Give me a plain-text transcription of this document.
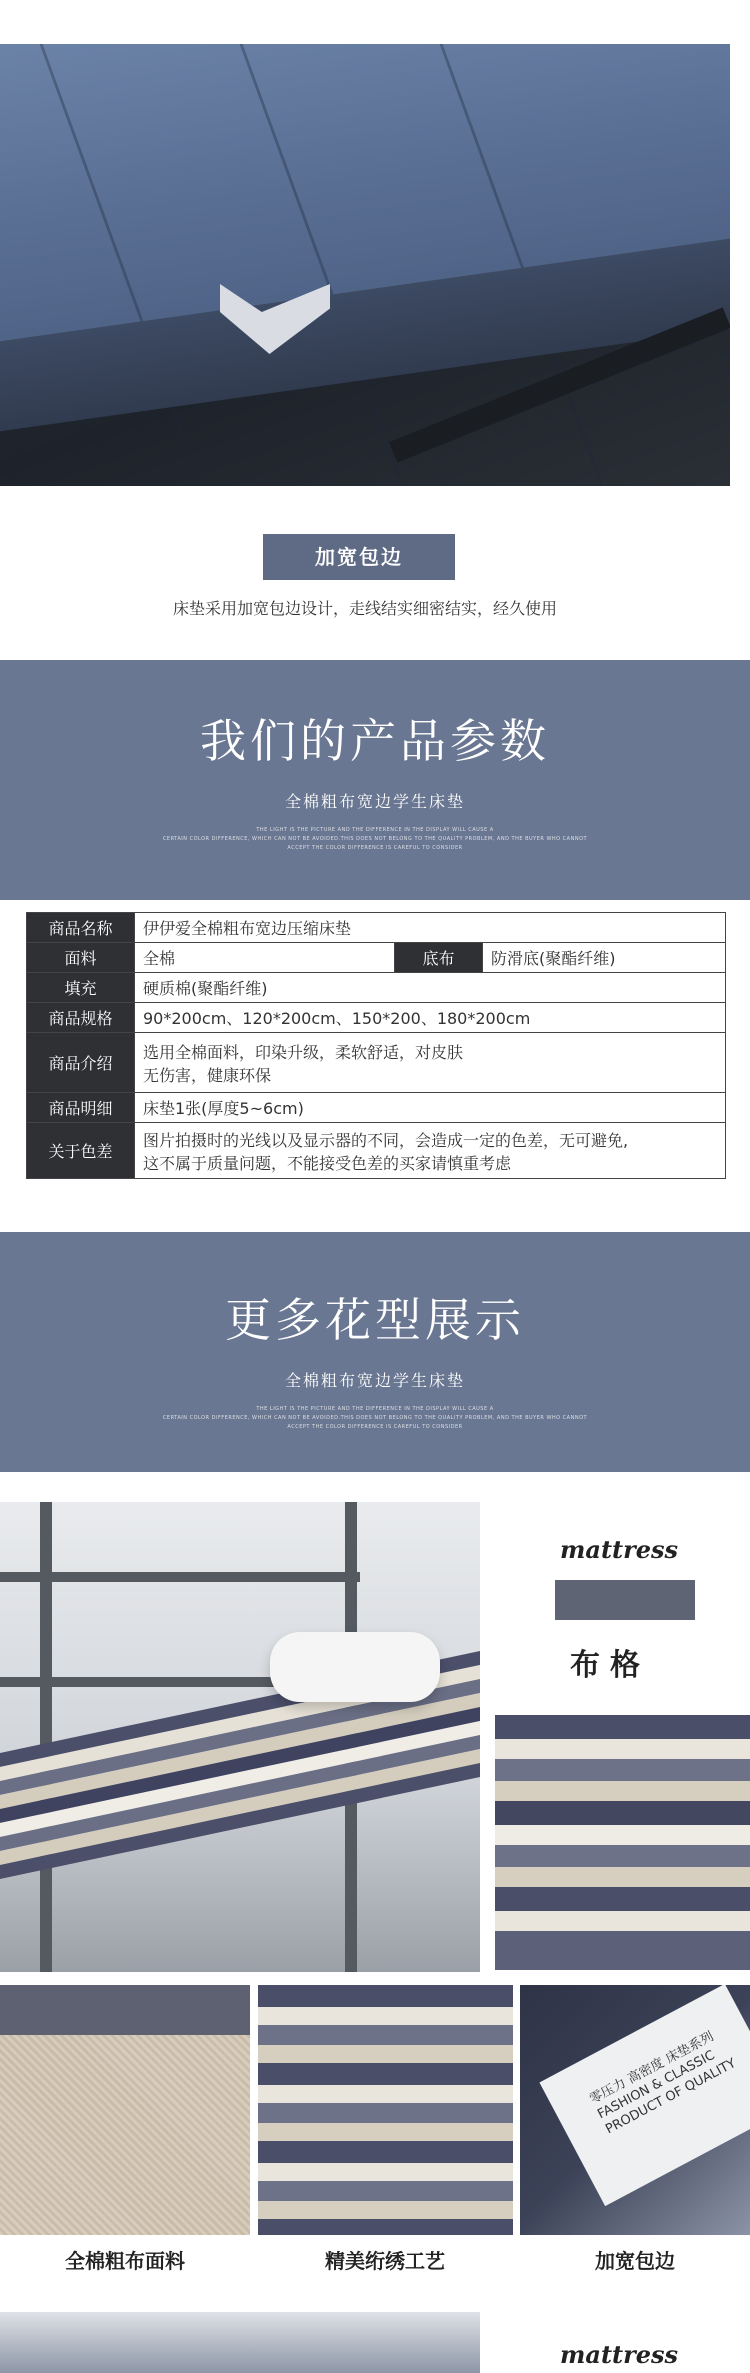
加宽包边
床垫采用加宽包边设计，走线结实细密结实，经久使用
我们的产品参数
全棉粗布宽边学生床垫
THE LIGHT IS THE PICTURE AND THE DIFFERENCE IN THE DISPLAY WILL CAUSE A
CERTAIN COLOR DIFFERENCE, WHICH CAN NOT BE AVOIDED.THIS DOES NOT BELONG TO THE QUALITY PROBLEM, AND THE BUYER WHO CANNOT
ACCEPT THE COLOR DIFFERENCE IS CAREFUL TO CONSIDER
商品名称	伊伊爱全棉粗布宽边压缩床垫		
面料	全棉	底布	防滑底(聚酯纤维)
填充	硬质棉(聚酯纤维)		
商品规格	90*200cm、120*200cm、150*200、180*200cm		
商品介绍	选用全棉面料，印染升级，柔软舒适，对皮肤
无伤害，健康环保		

商品明细	床垫1张(厚度5~6cm)		
关于色差	图片拍摄时的光线以及显示器的不同，会造成一定的色差，无可避免,
这不属于质量问题，不能接受色差的买家请慎重考虑		
更多花型展示
全棉粗布宽边学生床垫
THE LIGHT IS THE PICTURE AND THE DIFFERENCE IN THE DISPLAY WILL CAUSE A
CERTAIN COLOR DIFFERENCE, WHICH CAN NOT BE AVOIDED.THIS DOES NOT BELONG TO THE QUALITY PROBLEM, AND THE BUYER WHO CANNOT
ACCEPT THE COLOR DIFFERENCE IS CAREFUL TO CONSIDER
mattress
布格
零压力 高密度 床垫系列 FASHION & CLASSIC PRODUCT OF QUALITY
全棉粗布面料	精美绗绣工艺	加宽包边
mattress
